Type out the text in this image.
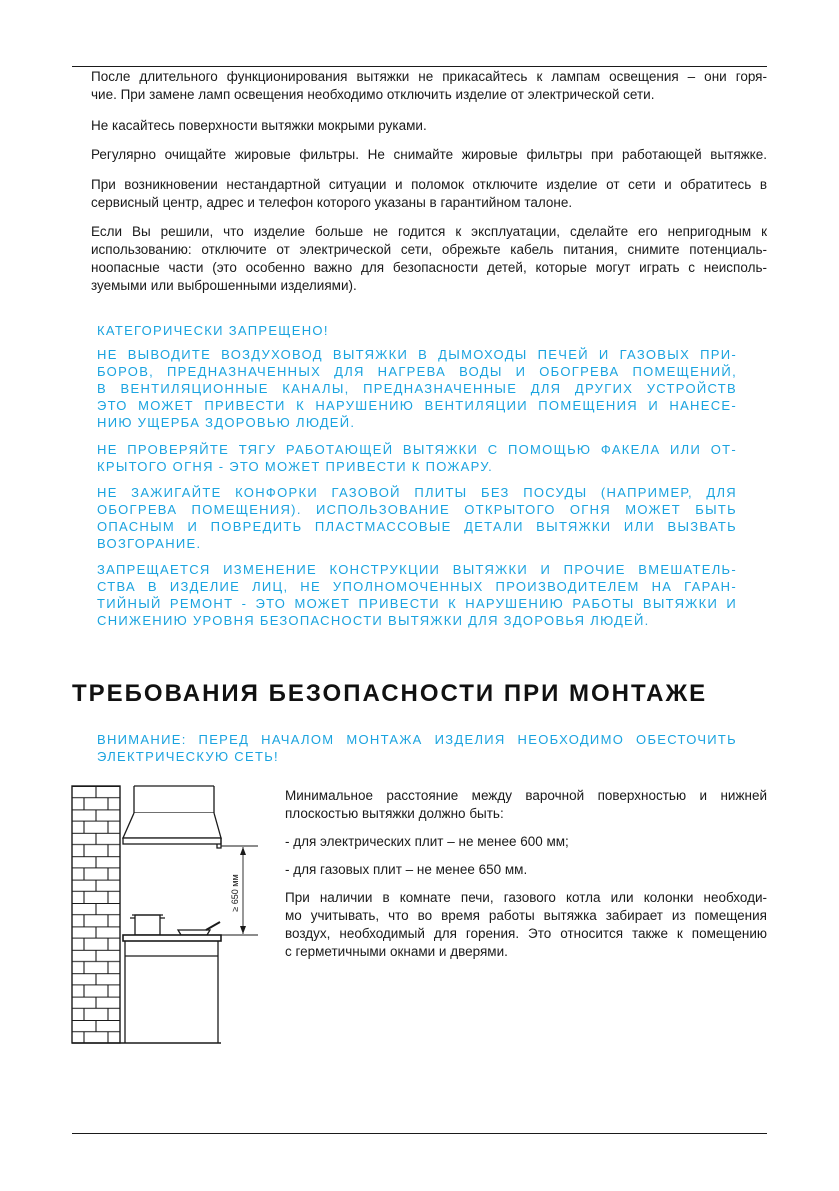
После длительного функционирования вытяжки не прикасайтесь к лампам освещения – они горя-
чие. При замене ламп освещения необходимо отключить изделие от электрической сети.
Не касайтесь поверхности вытяжки мокрыми руками.
Регулярно очищайте жировые фильтры. Не снимайте жировые фильтры при работающей вытяжке.
При возникновении нестандартной ситуации и поломок отключите изделие от сети и обратитесь в
сервисный центр, адрес и телефон которого указаны в гарантийном талоне.
Если Вы решили, что изделие больше не годится к эксплуатации, сделайте его непригодным к
использованию: отключите от электрической сети, обрежьте кабель питания, снимите потенциаль-
ноопасные части (это особенно важно для безопасности детей, которые могут играть с неисполь-
зуемыми или выброшенными изделиями).
КАТЕГОРИЧЕСКИ ЗАПРЕЩЕНО!
НЕ ВЫВОДИТЕ ВОЗДУХОВОД ВЫТЯЖКИ В ДЫМОХОДЫ ПЕЧЕЙ И ГАЗОВЫХ ПРИ-
БОРОВ, ПРЕДНАЗНАЧЕННЫХ ДЛЯ НАГРЕВА ВОДЫ И ОБОГРЕВА ПОМЕЩЕНИЙ,
В ВЕНТИЛЯЦИОННЫЕ КАНАЛЫ, ПРЕДНАЗНАЧЕННЫЕ ДЛЯ ДРУГИХ УСТРОЙСТВ
ЭТО МОЖЕТ ПРИВЕСТИ К НАРУШЕНИЮ ВЕНТИЛЯЦИИ ПОМЕЩЕНИЯ И НАНЕСЕ-
НИЮ УЩЕРБА ЗДОРОВЬЮ ЛЮДЕЙ.
НЕ ПРОВЕРЯЙТЕ ТЯГУ РАБОТАЮЩЕЙ ВЫТЯЖКИ С ПОМОЩЬЮ ФАКЕЛА ИЛИ ОТ-
КРЫТОГО ОГНЯ - ЭТО МОЖЕТ ПРИВЕСТИ К ПОЖАРУ.
НЕ ЗАЖИГАЙТЕ КОНФОРКИ ГАЗОВОЙ ПЛИТЫ БЕЗ ПОСУДЫ (НАПРИМЕР, ДЛЯ
ОБОГРЕВА ПОМЕЩЕНИЯ). ИСПОЛЬЗОВАНИЕ ОТКРЫТОГО ОГНЯ МОЖЕТ БЫТЬ
ОПАСНЫМ И ПОВРЕДИТЬ ПЛАСТМАССОВЫЕ ДЕТАЛИ ВЫТЯЖКИ ИЛИ ВЫЗВАТЬ
ВОЗГОРАНИЕ.
ЗАПРЕЩАЕТСЯ ИЗМЕНЕНИЕ КОНСТРУКЦИИ ВЫТЯЖКИ И ПРОЧИЕ ВМЕШАТЕЛЬ-
СТВА В ИЗДЕЛИЕ ЛИЦ, НЕ УПОЛНОМОЧЕННЫХ ПРОИЗВОДИТЕЛЕМ НА ГАРАН-
ТИЙНЫЙ РЕМОНТ - ЭТО МОЖЕТ ПРИВЕСТИ К НАРУШЕНИЮ РАБОТЫ ВЫТЯЖКИ И
СНИЖЕНИЮ УРОВНЯ БЕЗОПАСНОСТИ ВЫТЯЖКИ ДЛЯ ЗДОРОВЬЯ ЛЮДЕЙ.
ТРЕБОВАНИЯ БЕЗОПАСНОСТИ ПРИ МОНТАЖЕ
ВНИМАНИЕ: ПЕРЕД НАЧАЛОМ МОНТАЖА ИЗДЕЛИЯ НЕОБХОДИМО ОБЕСТОЧИТЬ
ЭЛЕКТРИЧЕСКУЮ СЕТЬ!
≥ 650 мм
Минимальное расстояние между варочной поверхностью и нижней
плоскостью вытяжки должно быть:
- для электрических плит – не менее 600 мм;
- для газовых плит – не менее 650 мм.
При наличии в комнате печи, газового котла или колонки необходи-
мо учитывать, что во время работы вытяжка забирает из помещения
воздух, необходимый для горения. Это относится также к помещению
с герметичными окнами и дверями.
